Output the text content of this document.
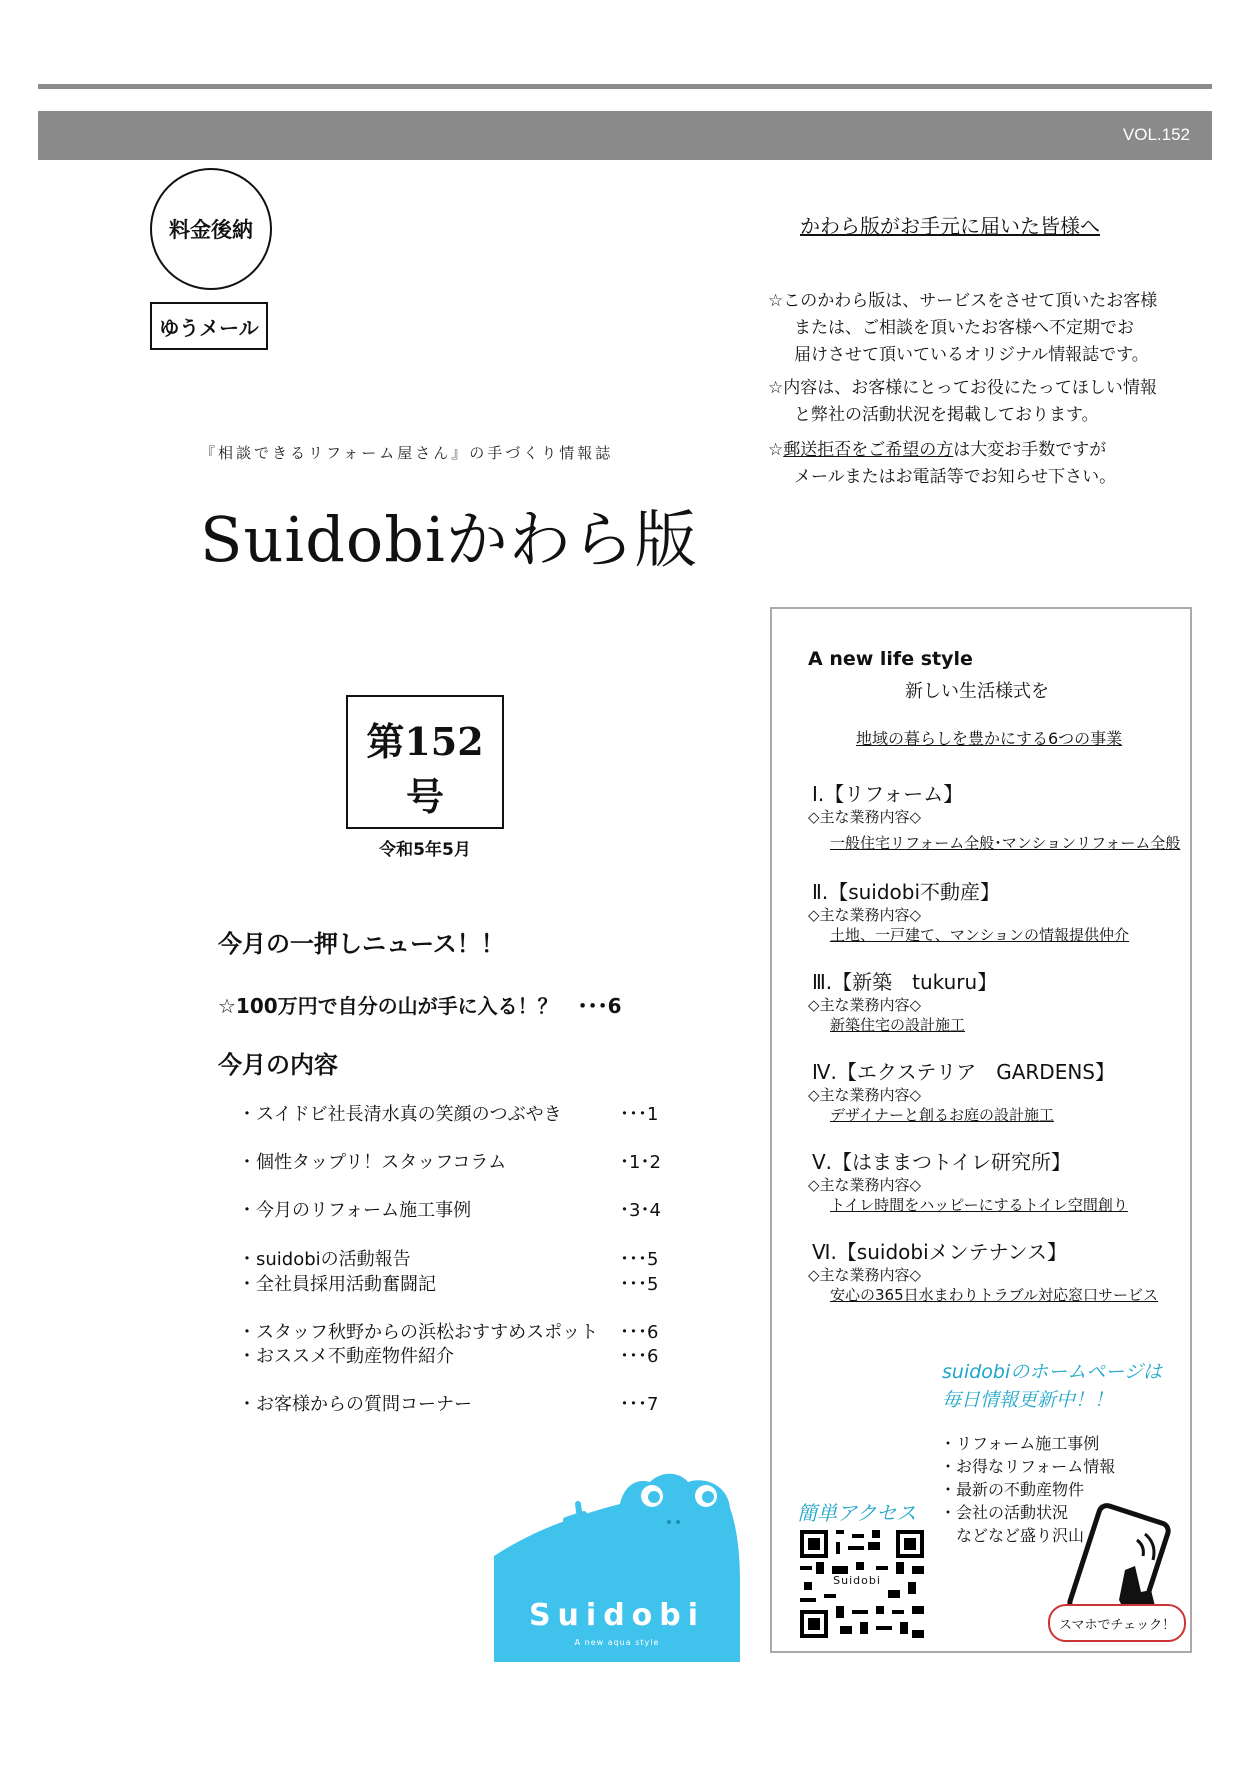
VOL.152
料金後納
ゆうメール
『相談できるリフォーム屋さん』の手づくり情報誌
Suidobiかわら版
かわら版がお手元に届いた皆様へ
☆このかわら版は、サービスをさせて頂いたお客様
または、ご相談を頂いたお客様へ不定期でお
届けさせて頂いているオリジナル情報誌です。
☆内容は、お客様にとってお役にたってほしい情報
と弊社の活動状況を掲載しております。
☆郵送拒否をご希望の方は大変お手数ですが
メールまたはお電話等でお知らせ下さい。
第152号
令和5年5月
今月の一押しニュース！！
☆100万円で自分の山が手に入る！？　･･･6
今月の内容
・スイドビ社長清水真の笑顔のつぶやき	･･･1
・個性タップリ！スタッフコラム	･1･2
・今月のリフォーム施工事例	･3･4
・suidobiの活動報告	･･･5
・全社員採用活動奮闘記	･･･5
・スタッフ秋野からの浜松おすすめスポット ･･･6
・おススメ不動産物件紹介	･･･6
・お客様からの質問コーナー	･･･7
A new life style
新しい生活様式を
地域の暮らしを豊かにする6つの事業
Ⅰ.【リフォーム】
◇主な業務内容◇
一般住宅リフォーム全般･マンションリフォーム全般
Ⅱ.【suidobi不動産】
◇主な業務内容◇
土地、一戸建て、マンションの情報提供仲介
Ⅲ.【新築　tukuru】
◇主な業務内容◇
新築住宅の設計施工
Ⅳ.【エクステリア　GARDENS】
◇主な業務内容◇
デザイナーと創るお庭の設計施工
Ⅴ.【はままつトイレ研究所】
◇主な業務内容◇
トイレ時間をハッピーにするトイレ空間創り
Ⅵ.【suidobiメンテナンス】
◇主な業務内容◇
安心の365日水まわりトラブル対応窓口サービス
suidobiのホームページは
毎日情報更新中！！
・リフォーム施工事例
・お得なリフォーム情報
・最新の不動産物件
・会社の活動状況
　などなど盛り沢山
簡単アクセス
Suidobi
スマホでチェック！
Suidobi
A new aqua style
